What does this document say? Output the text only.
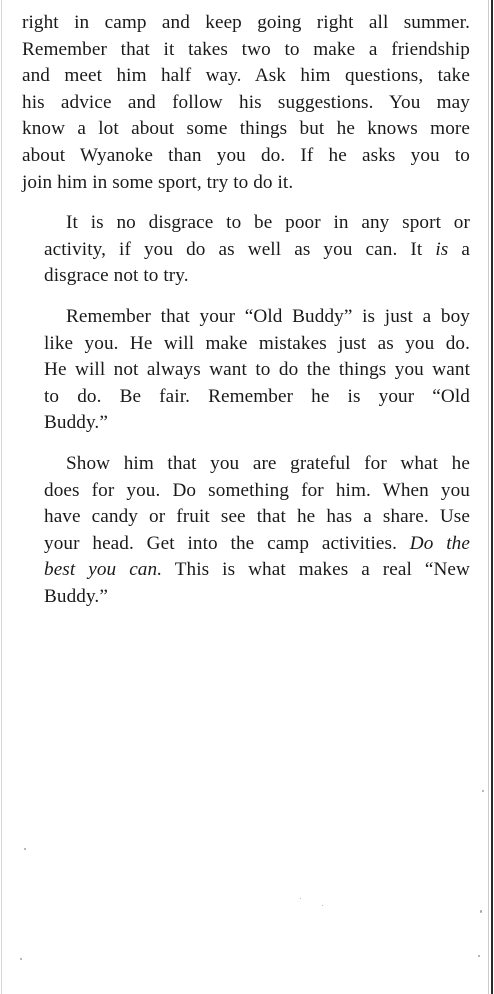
right in camp and keep going right all summer.
Remember that it takes two to make a friendship
and meet him half way. Ask him questions, take
his advice and follow his suggestions. You may
know a lot about some things but he knows more
about Wyanoke than you do. If he asks you to
join him in some sport, try to do it.
It is no disgrace to be poor in any sport or
activity, if you do as well as you can. It is a
disgrace not to try.
Remember that your “Old Buddy” is just a boy
like you. He will make mistakes just as you do.
He will not always want to do the things you want
to do. Be fair. Remember he is your “Old
Buddy.”
Show him that you are grateful for what he
does for you. Do something for him. When you
have candy or fruit see that he has a share. Use
your head. Get into the camp activities. Do the
best you can. This is what makes a real “New
Buddy.”
